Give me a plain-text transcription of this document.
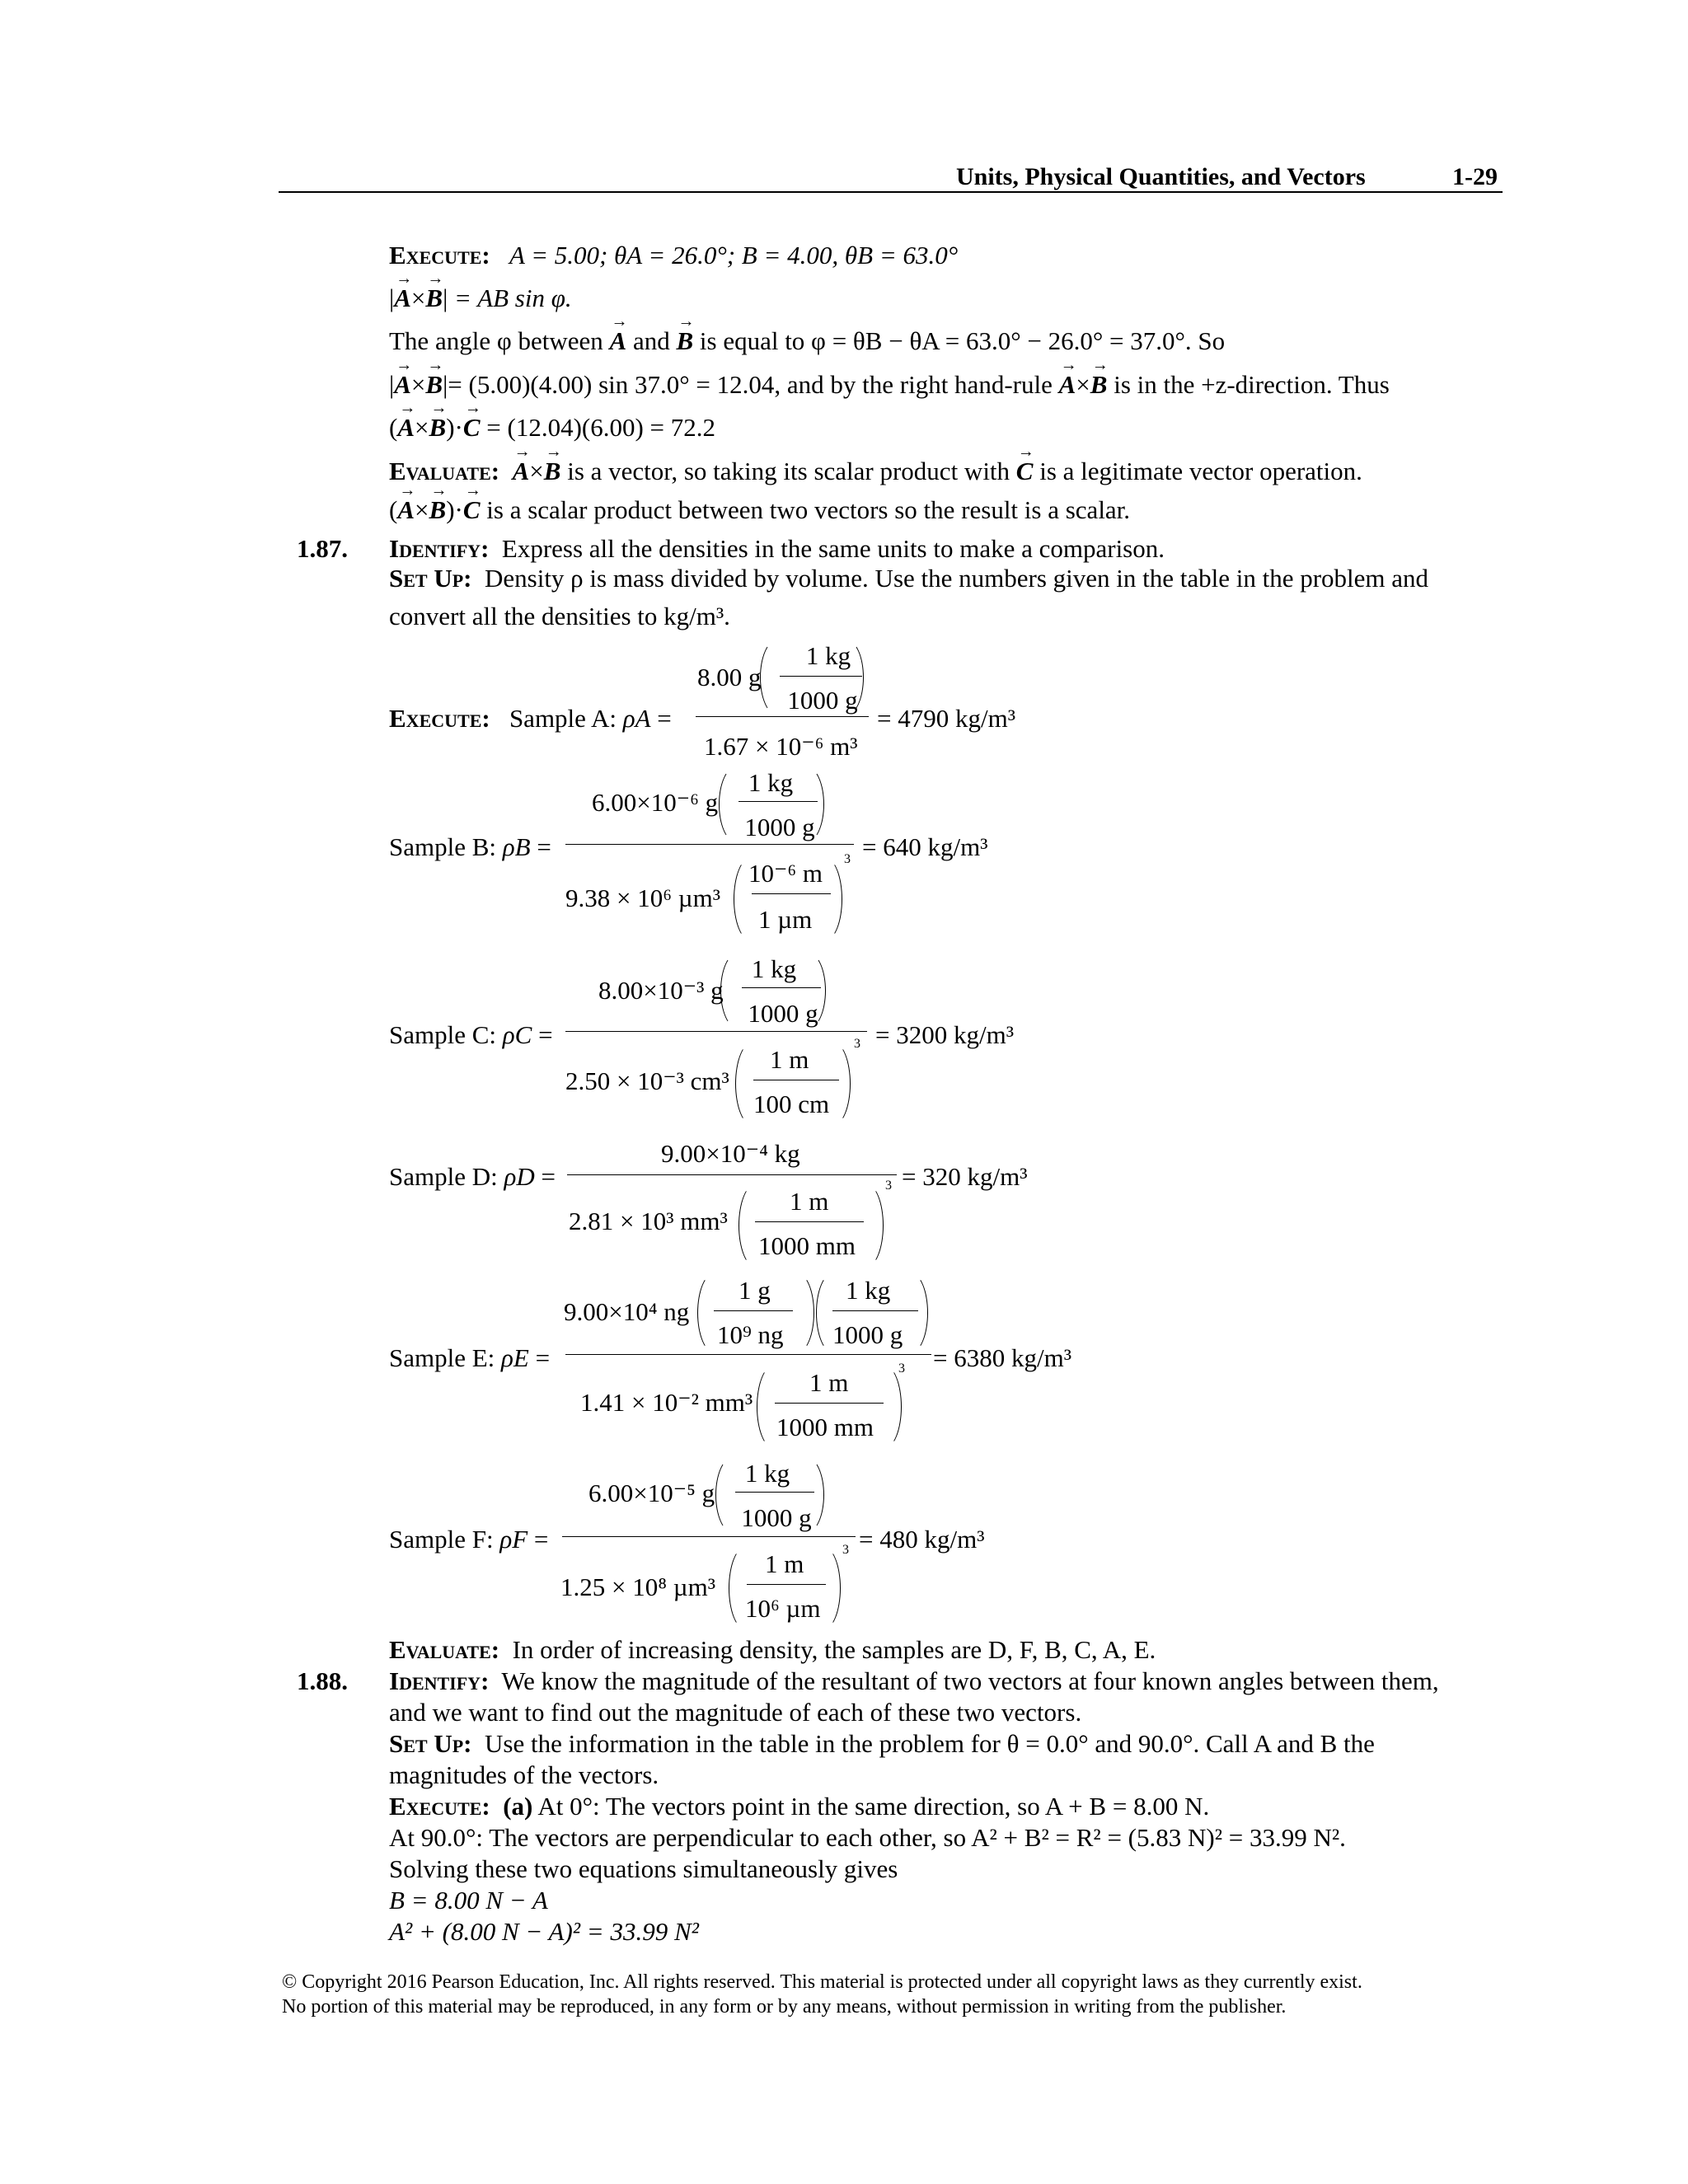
Units, Physical Quantities, and Vectors	1-29
Execute: A = 5.00; θA = 26.0°; B = 4.00, θB = 63.0°
|→ A×→ B| = AB sin φ.
The angle φ between → A and → B is equal to φ = θB − θA = 63.0° − 26.0° = 37.0°. So
|→ A×→ B|= (5.00)(4.00) sin 37.0° = 12.04, and by the right hand-rule → A×→ B is in the +z-direction. Thus
(→ A×→ B)·→ C = (12.04)(6.00) = 72.2
Evaluate: → A×→ B is a vector, so taking its scalar product with → C is a legitimate vector operation.
(→ A×→ B)·→ C is a scalar product between two vectors so the result is a scalar.
1.87. Identify: Express all the densities in the same units to make a comparison.
Set Up: Density ρ is mass divided by volume. Use the numbers given in the table in the problem and
convert all the densities to kg/m³.
Execute: Sample A: ρA =
8.00 g
1 kg
1000 g
1.67 × 10⁻⁶ m³
= 4790 kg/m³
Sample B: ρB =
6.00×10⁻⁶ g
1 kg
1000 g
9.38 × 10⁶ µm³
10⁻⁶ m
1 µm
3 = 640 kg/m³
Sample C: ρC =
8.00×10⁻³ g
1 kg
1000 g
2.50 × 10⁻³ cm³
1 m
100 cm
3 = 3200 kg/m³
Sample D: ρD =
9.00×10⁻⁴ kg
2.81 × 10³ mm³
1 m
1000 mm
3 = 320 kg/m³
Sample E: ρE =
9.00×10⁴ ng
1 g
10⁹ ng
1 kg
1000 g
1.41 × 10⁻² mm³
1 m
1000 mm
3 = 6380 kg/m³
Sample F: ρF =
6.00×10⁻⁵ g
1 kg
1000 g
1.25 × 10⁸ µm³
1 m
10⁶ µm
3 = 480 kg/m³
Evaluate: In order of increasing density, the samples are D, F, B, C, A, E.
1.88. Identify: We know the magnitude of the resultant of two vectors at four known angles between them,
and we want to find out the magnitude of each of these two vectors.
Set Up: Use the information in the table in the problem for θ = 0.0° and 90.0°. Call A and B the
magnitudes of the vectors.
Execute: (a) At 0°: The vectors point in the same direction, so A + B = 8.00 N.
At 90.0°: The vectors are perpendicular to each other, so A² + B² = R² = (5.83 N)² = 33.99 N².
Solving these two equations simultaneously gives
B = 8.00 N − A
A² + (8.00 N − A)² = 33.99 N²
© Copyright 2016 Pearson Education, Inc. All rights reserved. This material is protected under all copyright laws as they currently exist.
No portion of this material may be reproduced, in any form or by any means, without permission in writing from the publisher.
